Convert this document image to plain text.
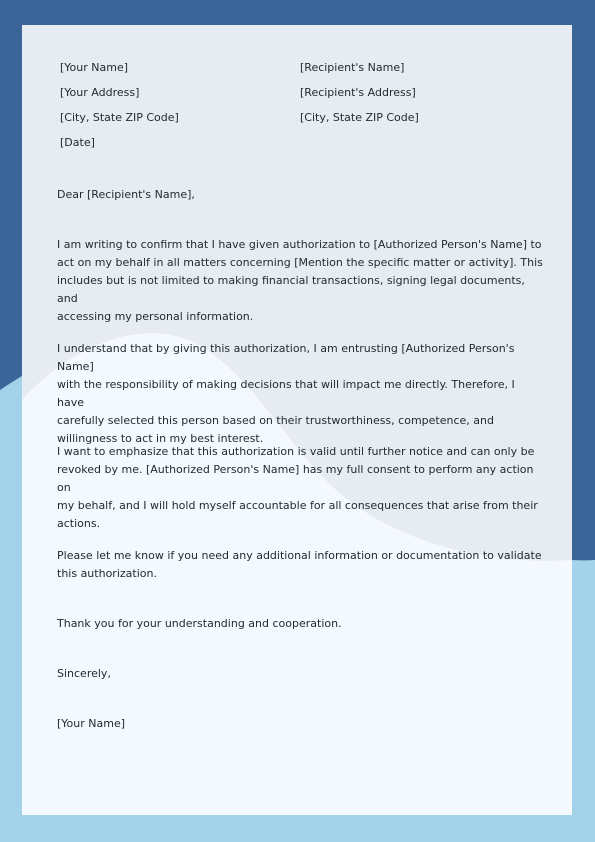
[Your Name]

[Your Address]

[City, State ZIP Code]

[Date]

[Recipient's Name]

[Recipient's Address]

[City, State ZIP Code]

Dear [Recipient's Name],

I am writing to confirm that I have given authorization to [Authorized Person's Name] to
act on my behalf in all matters concerning [Mention the specific matter or activity]. This
includes but is not limited to making financial transactions, signing legal documents, and
accessing my personal information.

I understand that by giving this authorization, I am entrusting [Authorized Person's Name]
with the responsibility of making decisions that will impact me directly. Therefore, I have
carefully selected this person based on their trustworthiness, competence, and
willingness to act in my best interest.

I want to emphasize that this authorization is valid until further notice and can only be
revoked by me. [Authorized Person's Name] has my full consent to perform any action on
my behalf, and I will hold myself accountable for all consequences that arise from their
actions.

Please let me know if you need any additional information or documentation to validate
this authorization.

Thank you for your understanding and cooperation.

Sincerely,

[Your Name]
